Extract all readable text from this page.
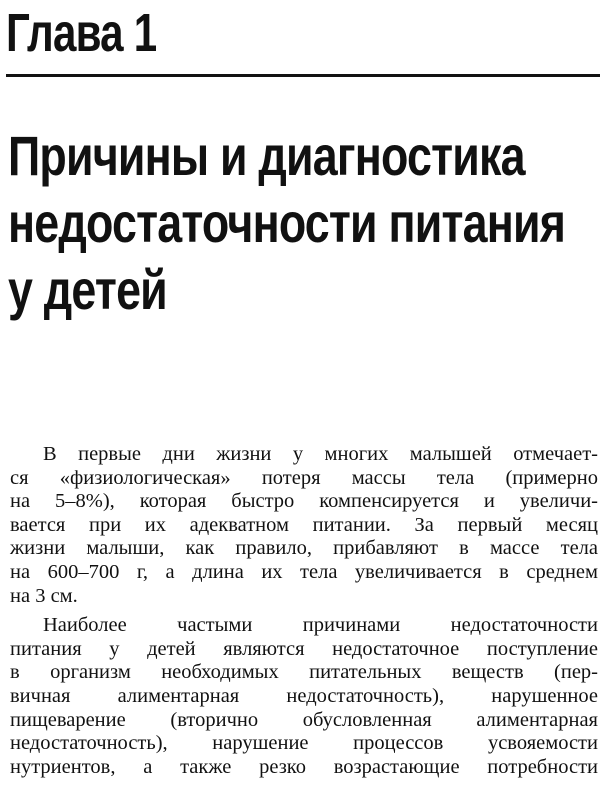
Глава 1
Причины и диагностика
недостаточности питания
у детей
В первые дни жизни у многих малышей отмечает-
ся «физиологическая» потеря массы тела (примерно
на 5–8%), которая быстро компенсируется и увеличи-
вается при их адекватном питании. За первый месяц
жизни малыши, как правило, прибавляют в массе тела
на 600–700 г, а длина их тела увеличивается в среднем
на 3 см.
Наиболее частыми причинами недостаточности
питания у детей являются недостаточное поступление
в организм необходимых питательных веществ (пер-
вичная алиментарная недостаточность), нарушенное
пищеварение (вторично обусловленная алиментарная
недостаточность), нарушение процессов усвояемости
нутриентов, а также резко возрастающие потребности
